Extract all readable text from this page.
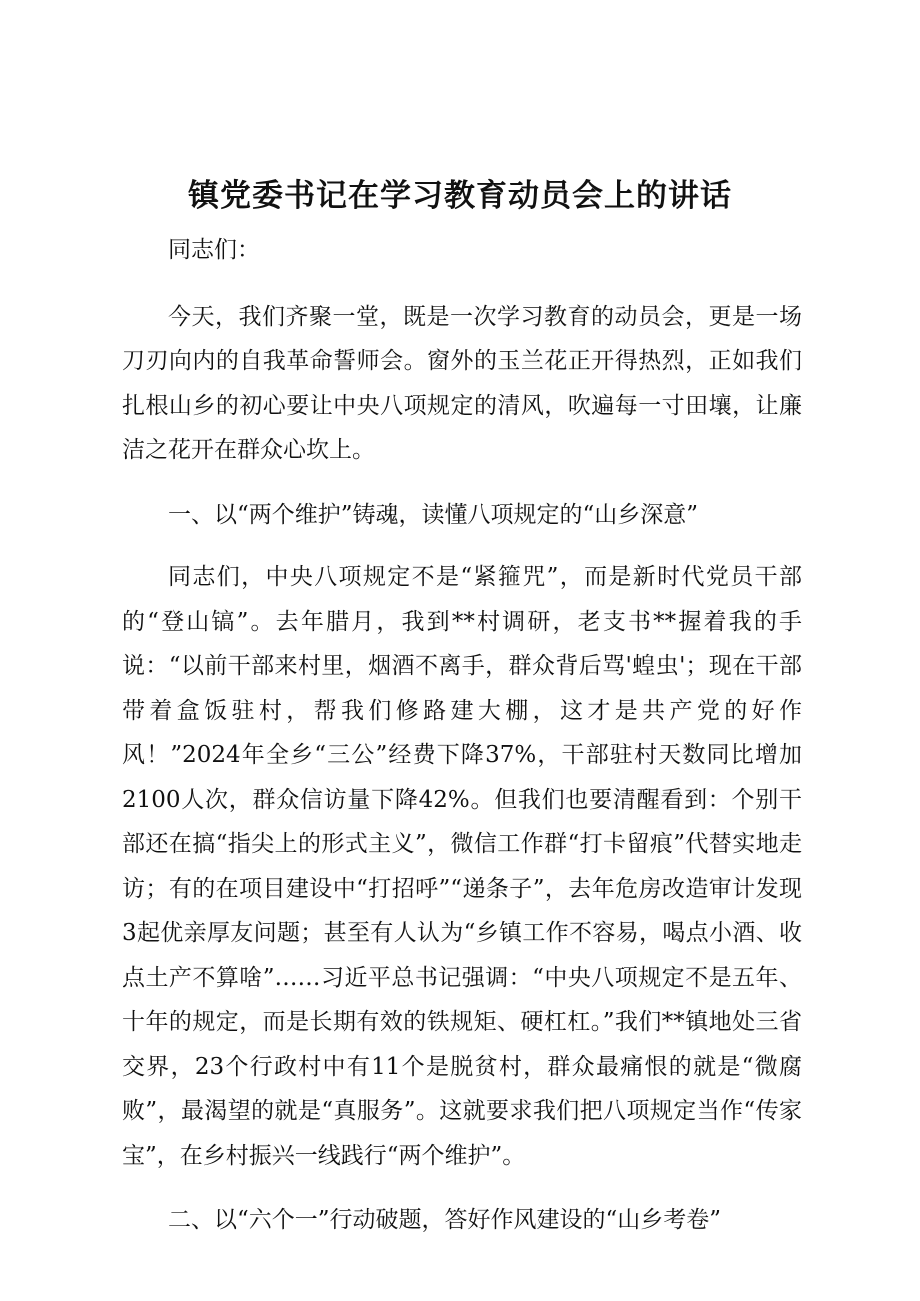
镇党委书记在学习教育动员会上的讲话

同志们：

今天，我们齐聚一堂，既是一次学习教育的动员会，更是一场刀刃向内的自我革命誓师会。窗外的玉兰花正开得热烈，正如我们扎根山乡的初心要让中央八项规定的清风，吹遍每一寸田壤，让廉洁之花开在群众心坎上。

一、以“两个维护”铸魂，读懂八项规定的“山乡深意”

同志们，中央八项规定不是“紧箍咒”，而是新时代党员干部的“登山镐”。去年腊月，我到**村调研，老支书**握着我的手说：“以前干部来村里，烟酒不离手，群众背后骂'蝗虫'；现在干部带着盒饭驻村，帮我们修路建大棚，这才是共产党的好作风！”2024年全乡“三公”经费下降37%，干部驻村天数同比增加2100人次，群众信访量下降42%。但我们也要清醒看到：个别干部还在搞“指尖上的形式主义”，微信工作群“打卡留痕”代替实地走访；有的在项目建设中“打招呼”“递条子”，去年危房改造审计发现3起优亲厚友问题；甚至有人认为“乡镇工作不容易，喝点小酒、收点土产不算啥”……习近平总书记强调：“中央八项规定不是五年、十年的规定，而是长期有效的铁规矩、硬杠杠。”我们**镇地处三省交界，23个行政村中有11个是脱贫村，群众最痛恨的就是“微腐败”，最渴望的就是“真服务”。这就要求我们把八项规定当作“传家宝”，在乡村振兴一线践行“两个维护”。

二、以“六个一”行动破题，答好作风建设的“山乡考卷”
